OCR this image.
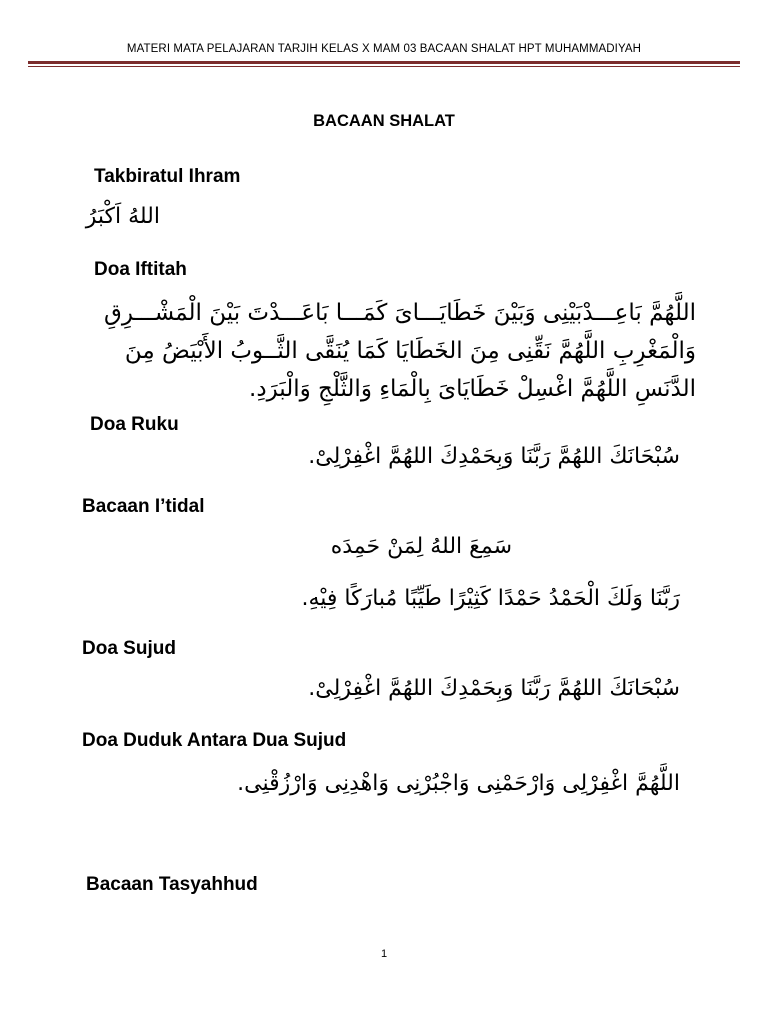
MATERI MATA PELAJARAN TARJIH KELAS X MAM 03 BACAAN SHALAT HPT MUHAMMADIYAH
BACAAN SHALAT
Takbiratul Ihram
اللهُ اَكْبَرُ
Doa Iftitah
اللَّهُمَّ بَاعِـــدْبَيْنِى وَبَيْنَ خَطَايَـــاىَ كَمَـــا بَاعَـــدْتَ بَيْنَ الْمَشْـــرِقِ
وَالْمَغْرِبِ اللَّهُمَّ نَقِّنِى مِنَ الخَطَايَا كَمَا يُنَقَّى الثَّــوبُ الأَبْيَضُ مِنَ
الدَّنَسِ اللَّهُمَّ اغْسِلْ خَطَايَاىَ بِالْمَاءِ وَالثَّلْجِ وَالْبَرَدِ.
Doa Ruku
سُبْحَانَكَ اللهُمَّ رَبَّنَا وَبِحَمْدِكَ اللهُمَّ اغْفِرْلِىْ.
Bacaan I’tidal
سَمِعَ اللهُ لِمَنْ حَمِدَه
رَبَّنَا وَلَكَ الْحَمْدُ حَمْدًا كَثِيْرًا طَيِّبًا مُبارَكًا فِيْهِ.
Doa Sujud
سُبْحَانَكَ اللهُمَّ رَبَّنَا وَبِحَمْدِكَ اللهُمَّ اغْفِرْلِىْ.
Doa Duduk Antara Dua Sujud
اللَّهُمَّ اغْفِرْلِى وَارْحَمْنِى وَاجْبُرْنِى وَاهْدِنِى وَارْزُقْنِى.
Bacaan Tasyahhud
1
